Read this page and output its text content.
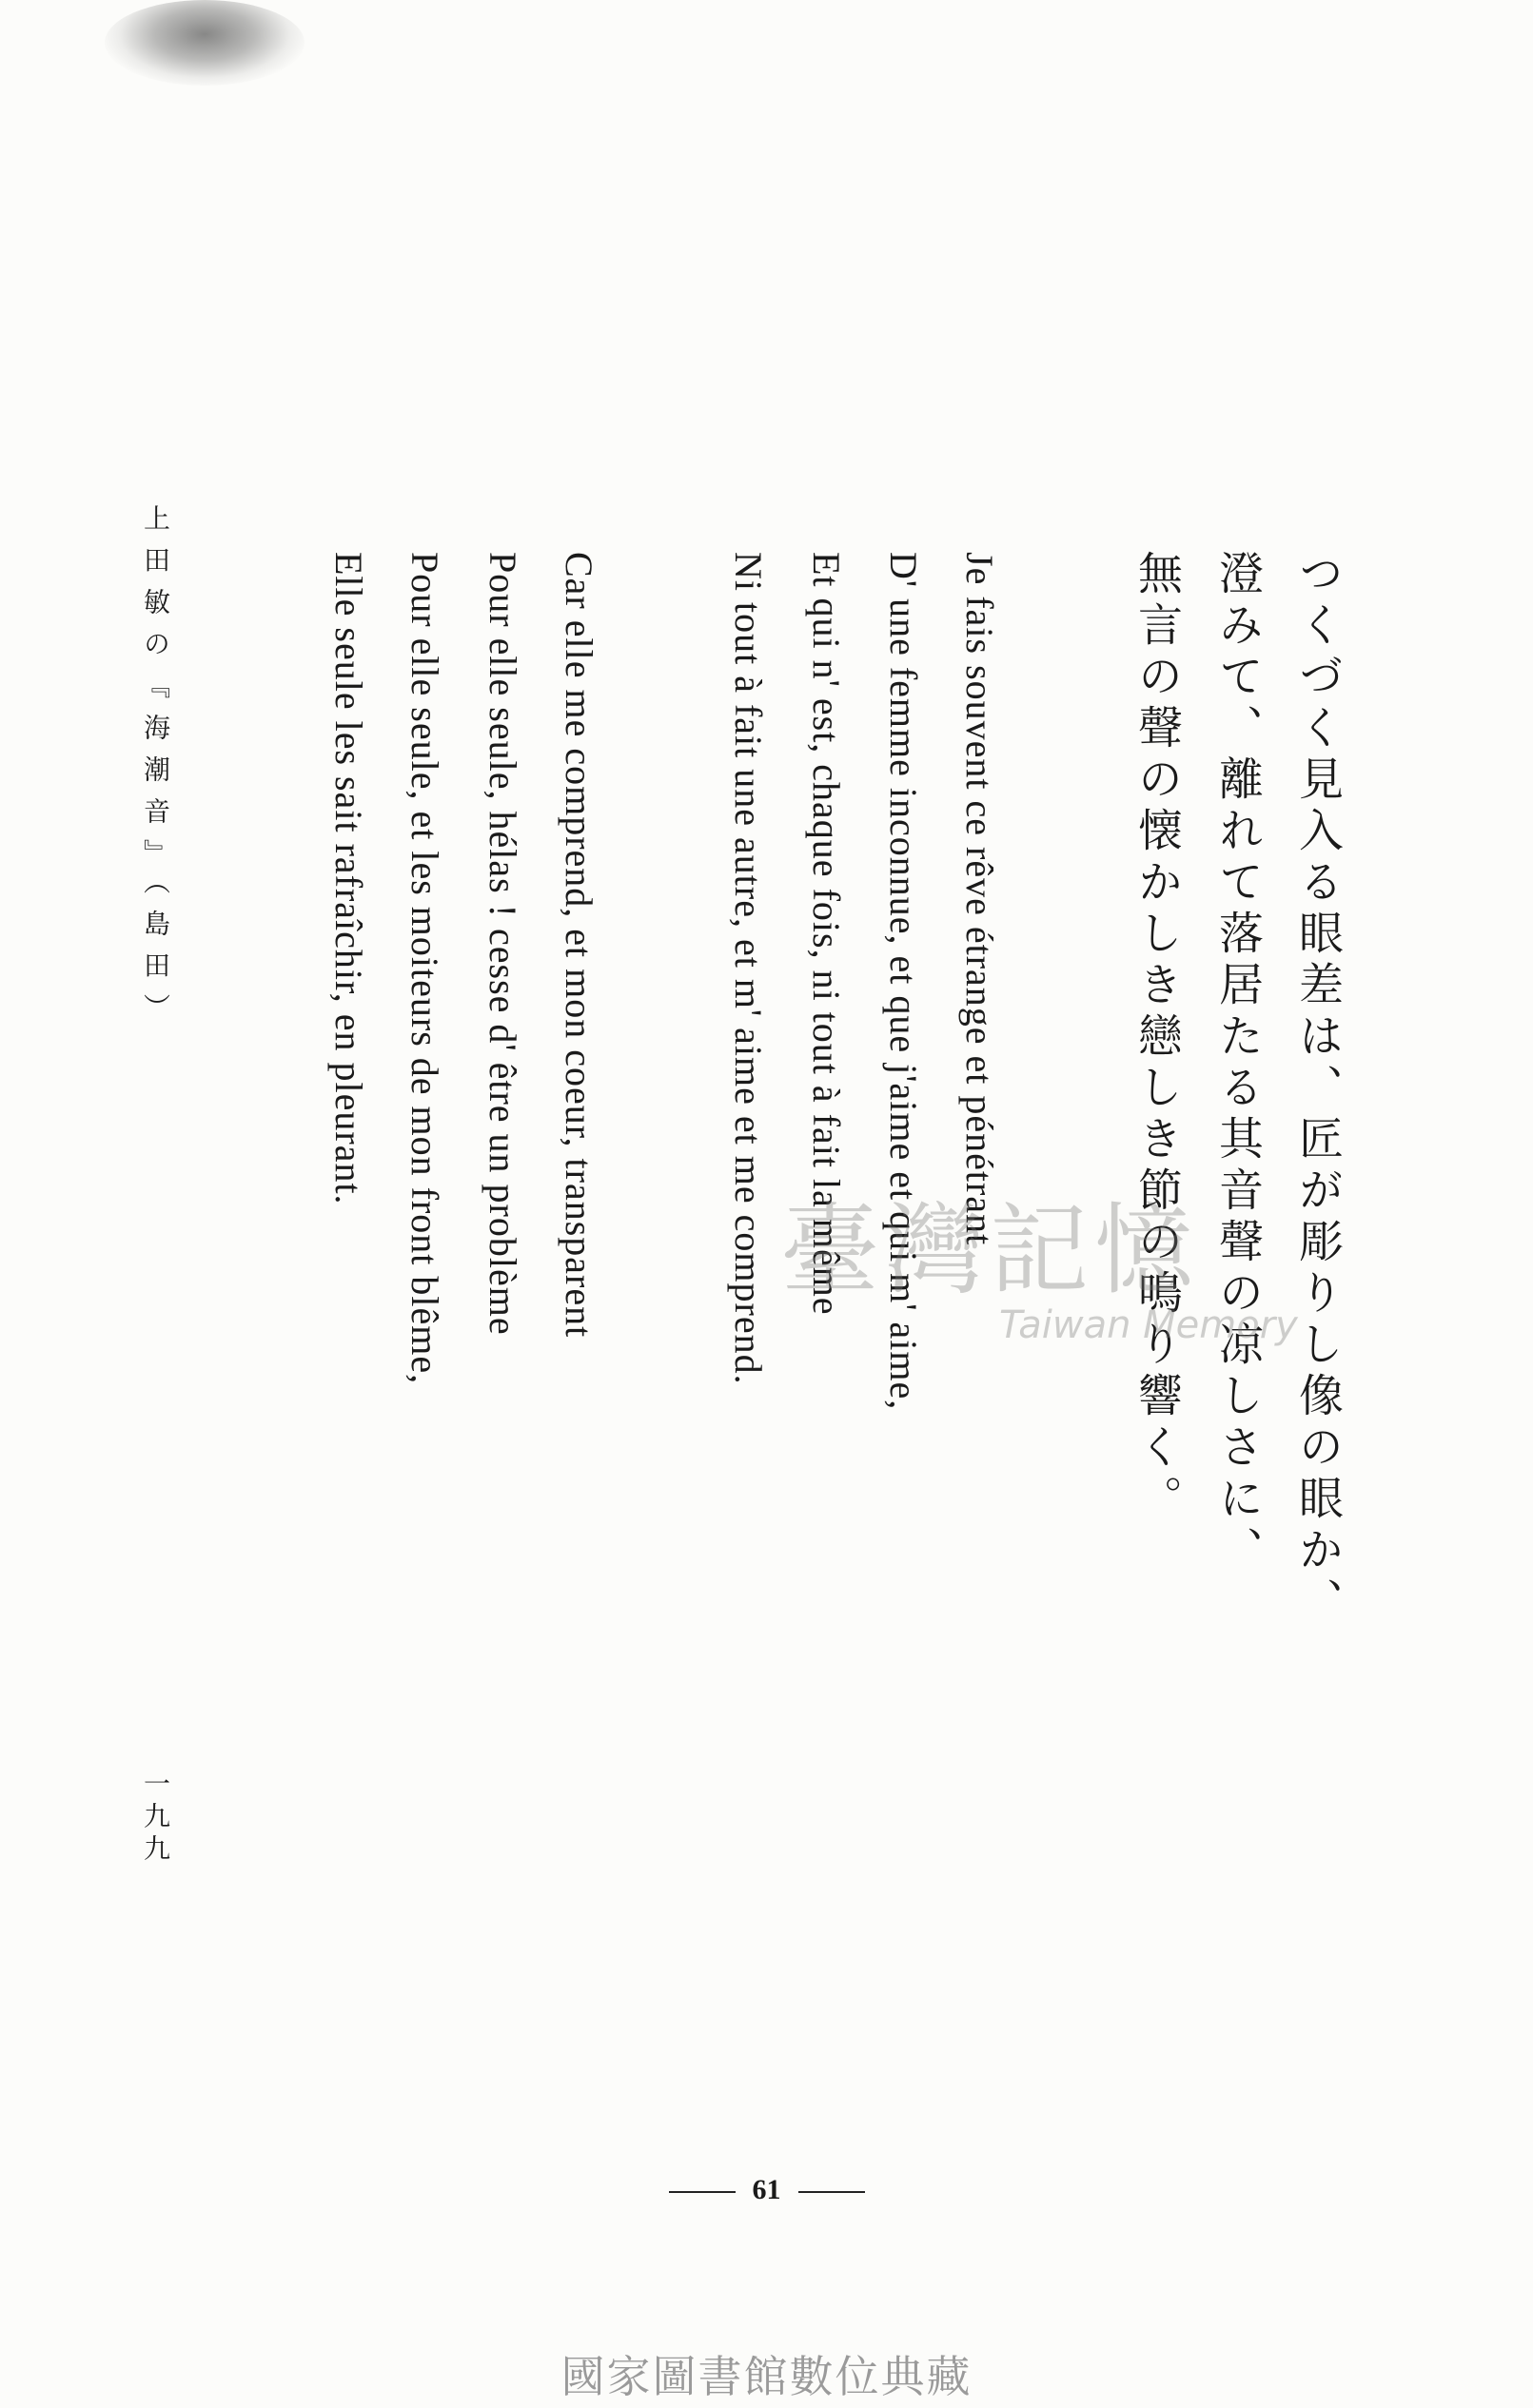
つくづく見入る眼差は、匠が彫りし像の眼か、
澄みて、離れて落居たる其音聲の凉しさに、
無言の聲の懐かしき戀しき節の鳴り響く。
Je fais souvent ce rêve étrange et pénétrant
D' une femme inconnue, et que j'aime et qui m' aime,
Et qui n' est, chaque fois, ni tout à fait la même
Ni tout à fait une autre, et m' aime et me comprend.
Car elle me comprend, et mon coeur, transparent
Pour elle seule, hélas ! cesse d' être un problème
Pour elle seule, et les moiteurs de mon front blême,
Elle seule les sait rafraîchir, en pleurant.
上田敏の『海潮音』（島田）
一九九
臺灣記憶
Taiwan Memory
61
國家圖書館數位典藏
